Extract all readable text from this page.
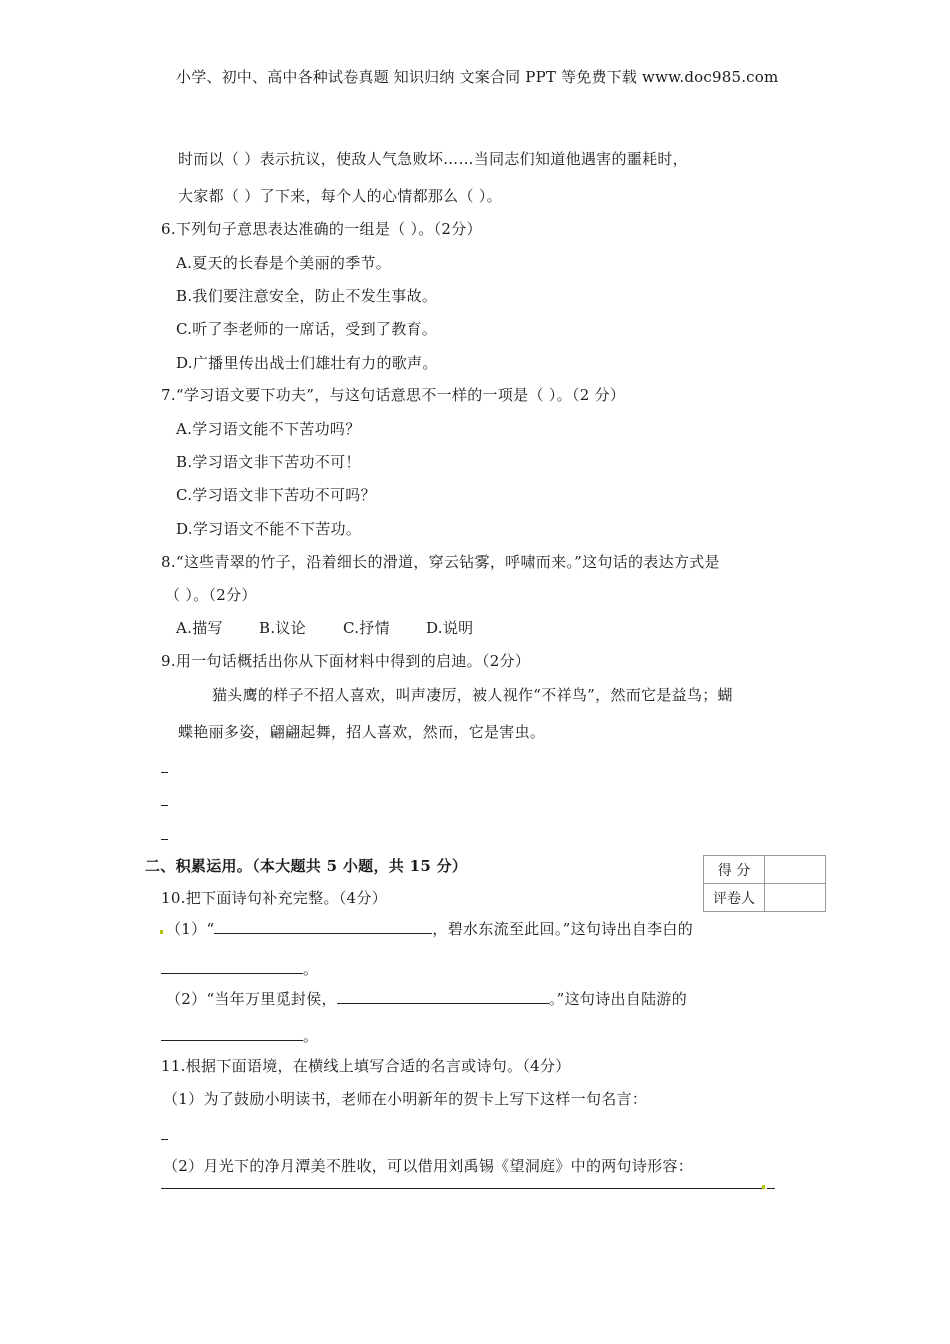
小学、初中、高中各种试卷真题 知识归纳 文案合同 PPT 等免费下载 www.doc985.com
时而以（ ）表示抗议，使敌人气急败坏……当同志们知道他遇害的噩耗时，
大家都（ ）了下来，每个人的心情都那么（ ）。
6.下列句子意思表达准确的一组是（ ）。（2分）
A.夏天的长春是个美丽的季节。
B.我们要注意安全，防止不发生事故。
C.听了李老师的一席话，受到了教育。
D.广播里传出战士们雄壮有力的歌声。
7.“学习语文要下功夫”，与这句话意思不一样的一项是（ ）。（2 分）
A.学习语文能不下苦功吗？
B.学习语文非下苦功不可！
C.学习语文非下苦功不可吗？
D.学习语文不能不下苦功。
8.“这些青翠的竹子，沿着细长的滑道，穿云钻雾，呼啸而来。”这句话的表达方式是
（ ）。（2分）
A.描写 B.议论 C.抒情 D.说明
9.用一句话概括出你从下面材料中得到的启迪。（2分）
猫头鹰的样子不招人喜欢，叫声凄厉，被人视作“不祥鸟”，然而它是益鸟；蝴
蝶艳丽多姿，翩翩起舞，招人喜欢，然而，它是害虫。
二、积累运用。（本大题共 5 小题，共 15 分）	得 分	
评卷人	
10.把下面诗句补充完整。（4分）
（1）“	，碧水东流至此回。”这句诗出自李白的
。
（2）“当年万里觅封侯，	。”这句诗出自陆游的
。
11.根据下面语境，在横线上填写合适的名言或诗句。（4分）
（1）为了鼓励小明读书，老师在小明新年的贺卡上写下这样一句名言：
（2）月光下的净月潭美不胜收，可以借用刘禹锡《望洞庭》中的两句诗形容：
